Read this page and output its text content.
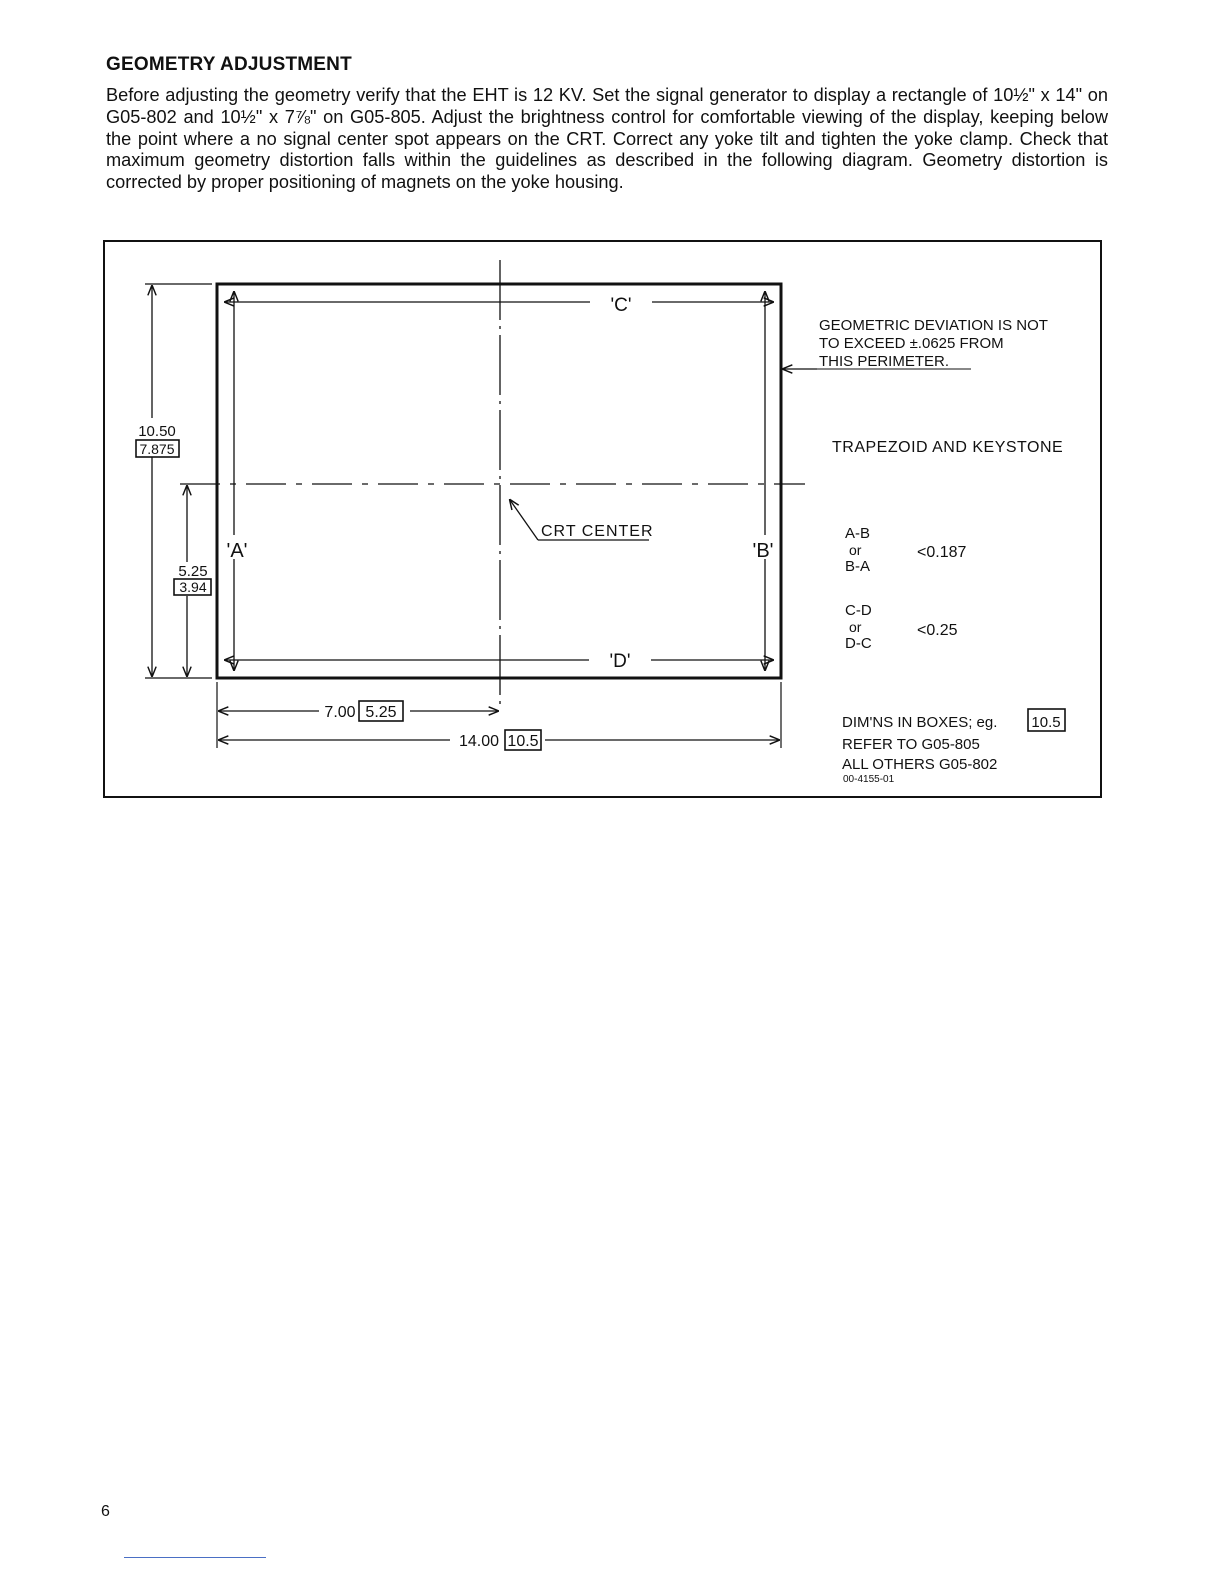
GEOMETRY ADJUSTMENT

Before adjusting the geometry verify that the EHT is 12 KV. Set the signal generator to display a rectangle of 10½" x 14" on G05-802 and 10½" x 7⅞" on G05-805. Adjust the brightness control for comfortable viewing of the display, keeping below the point where a no signal center spot appears on the CRT. Correct any yoke tilt and tighten the yoke clamp. Check that maximum geometry distortion falls within the guidelines as described in the following diagram. Geometry distortion is corrected by proper positioning of magnets on the yoke housing.

'C'
'D'
'A'	'B'
CRT CENTER
10.50
7.875
5.25
3.94
7.00 5.25
14.00 10.5
GEOMETRIC DEVIATION IS NOT
TO EXCEED ±.0625 FROM
THIS PERIMETER.
TRAPEZOID AND KEYSTONE
A-B
or
B-A
<0.187
C-D
or
D-C
<0.25
DIM'NS IN BOXES; eg. 10.5
REFER TO G05-805
ALL OTHERS G05-802
00-4155-01

6
